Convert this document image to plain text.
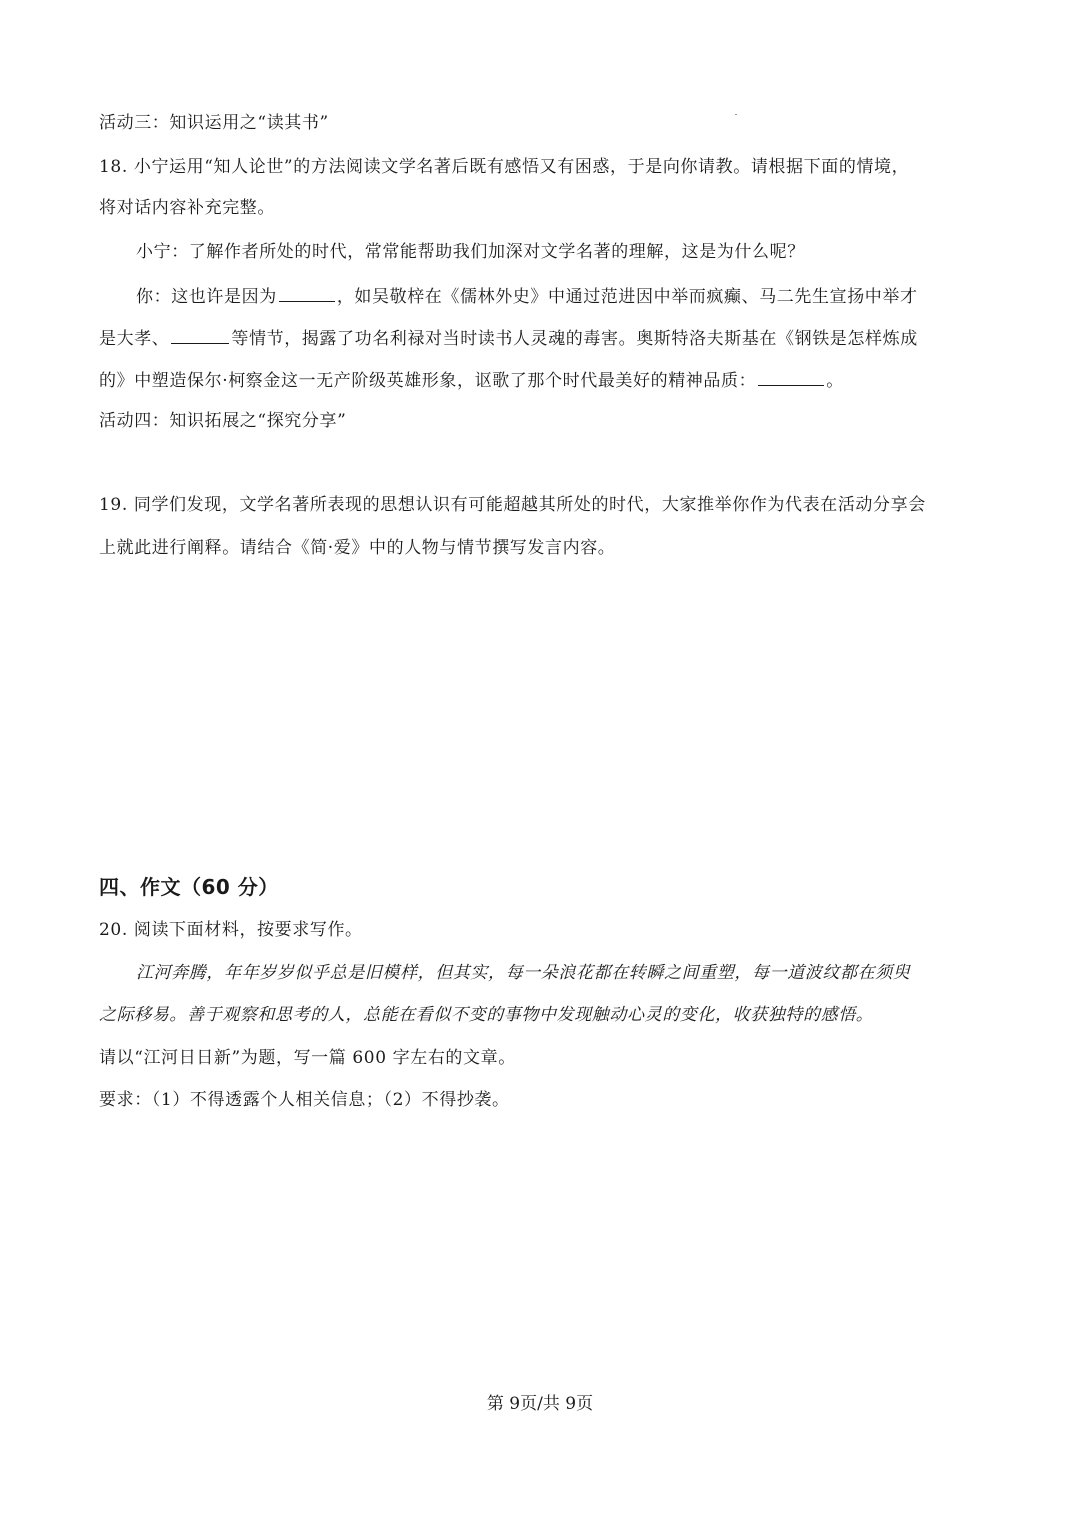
活动三：知识运用之“读其书”
18. 小宁运用“知人论世”的方法阅读文学名著后既有感悟又有困惑，于是向你请教。请根据下面的情境，
将对话内容补充完整。
小宁：了解作者所处的时代，常常能帮助我们加深对文学名著的理解，这是为什么呢？
你：这也许是因为	，如吴敬梓在《儒林外史》中通过范进因中举而疯癫、马二先生宣扬中举才
是大孝、	等情节，揭露了功名利禄对当时读书人灵魂的毒害。奥斯特洛夫斯基在《钢铁是怎样炼成
的》中塑造保尔·柯察金这一无产阶级英雄形象，讴歌了那个时代最美好的精神品质：	。
活动四：知识拓展之“探究分享”
19. 同学们发现，文学名著所表现的思想认识有可能超越其所处的时代，大家推举你作为代表在活动分享会
上就此进行阐释。请结合《简·爱》中的人物与情节撰写发言内容。
四、作文（60 分）
20. 阅读下面材料，按要求写作。
江河奔腾，年年岁岁似乎总是旧模样，但其实，每一朵浪花都在转瞬之间重塑，每一道波纹都在须臾
之际移易。善于观察和思考的人，总能在看似不变的事物中发现触动心灵的变化，收获独特的感悟。
请以“江河日日新”为题，写一篇 600 字左右的文章。
要求：（1）不得透露个人相关信息；（2）不得抄袭。
第 9页/共 9页
